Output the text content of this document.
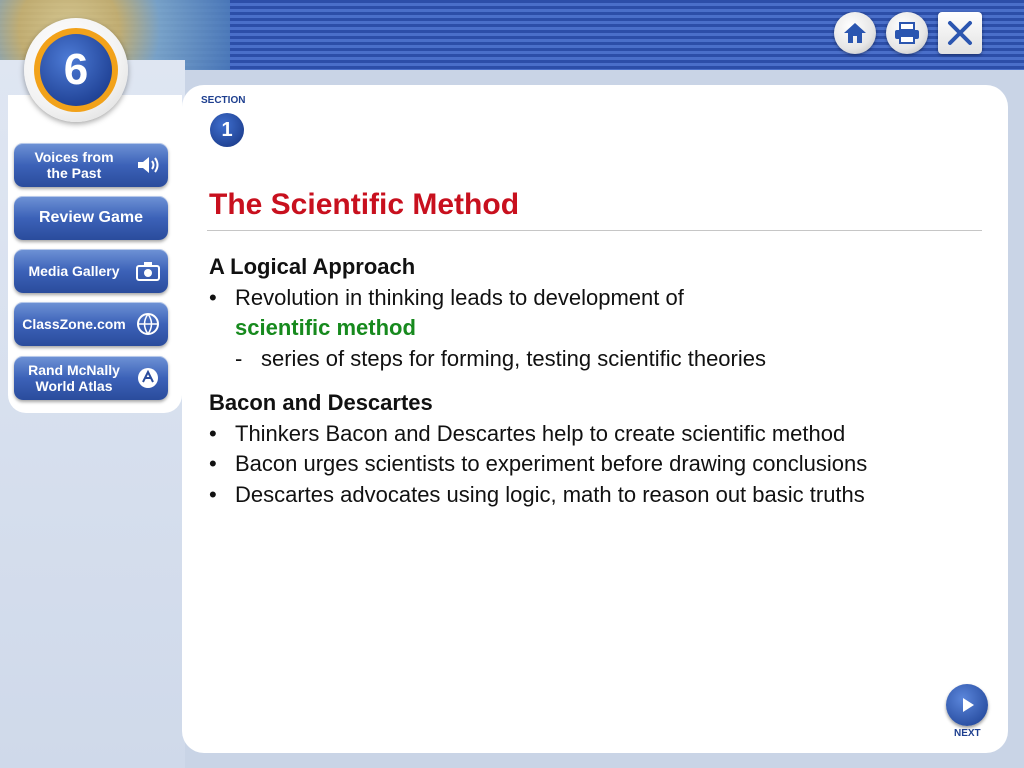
6
Voices from
the Past
Review Game
Media Gallery
ClassZone.com
Rand McNally
World Atlas
SECTION
1
The Scientific Method
A Logical Approach
• Revolution in thinking leads to development of
scientific method
- series of steps for forming, testing scientific theories
Bacon and Descartes
• Thinkers Bacon and Descartes help to create scientific method
• Bacon urges scientists to experiment before drawing conclusions
• Descartes advocates using logic, math to reason out basic truths
NEXT
